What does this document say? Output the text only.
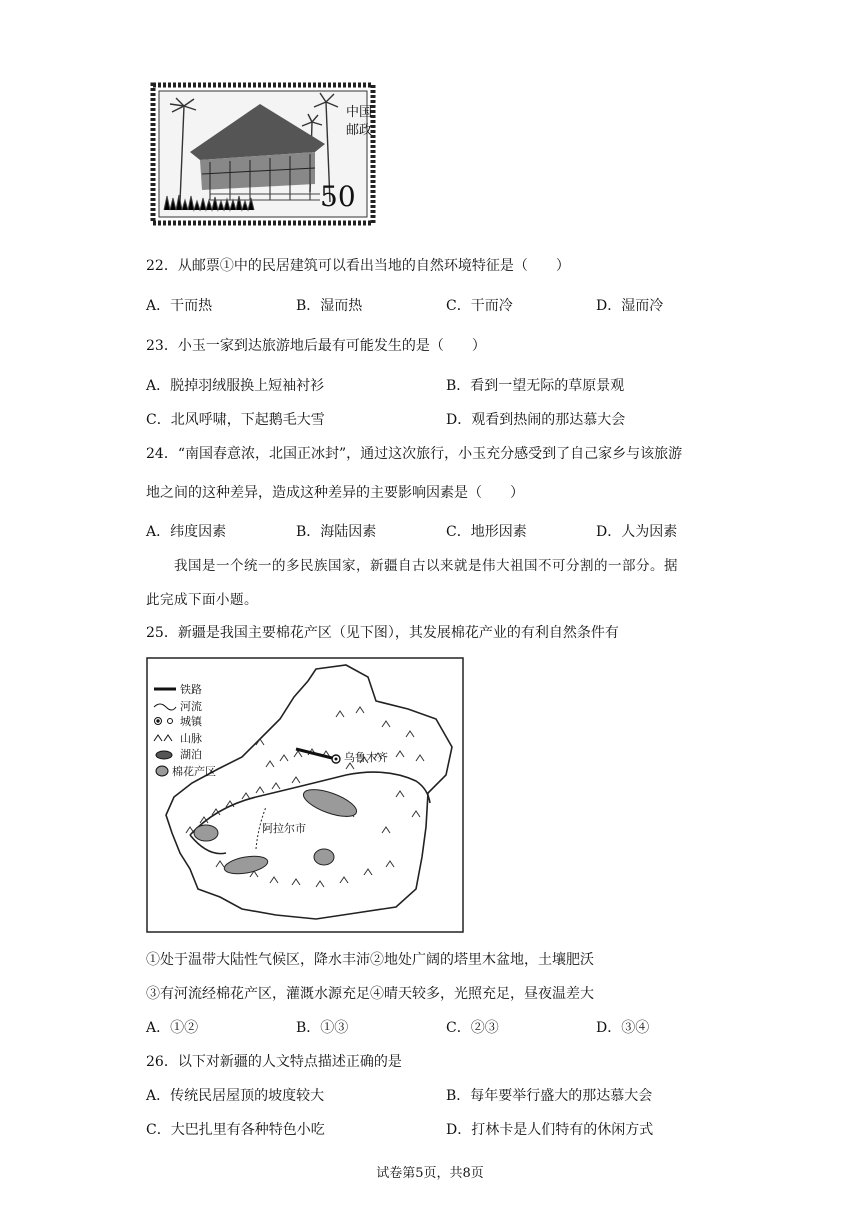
中国
邮政
50
22．从邮票①中的民居建筑可以看出当地的自然环境特征是（　　）
A．干而热	B．湿而热	C．干而冷	D．湿而冷
23．小玉一家到达旅游地后最有可能发生的是（　　）
A．脱掉羽绒服换上短袖衬衫	B．看到一望无际的草原景观
C．北风呼啸，下起鹅毛大雪	D．观看到热闹的那达慕大会
24．“南国春意浓，北国正冰封”，通过这次旅行，小玉充分感受到了自己家乡与该旅游
地之间的这种差异，造成这种差异的主要影响因素是（　　）
A．纬度因素	B．海陆因素	C．地形因素	D．人为因素
我国是一个统一的多民族国家，新疆自古以来就是伟大祖国不可分割的一部分。据
此完成下面小题。
25．新疆是我国主要棉花产区（见下图），其发展棉花产业的有利自然条件有
铁路
河流
城镇
山脉
湖泊
棉花产区
乌鲁木齐
阿拉尔市
①处于温带大陆性气候区，降水丰沛②地处广阔的塔里木盆地，土壤肥沃
③有河流经棉花产区，灌溉水源充足④晴天较多，光照充足，昼夜温差大
A．①②	B．①③	C．②③	D．③④
26．以下对新疆的人文特点描述正确的是
A．传统民居屋顶的坡度较大	B．每年要举行盛大的那达慕大会
C．大巴扎里有各种特色小吃	D．打林卡是人们特有的休闲方式
试卷第5页，共8页
